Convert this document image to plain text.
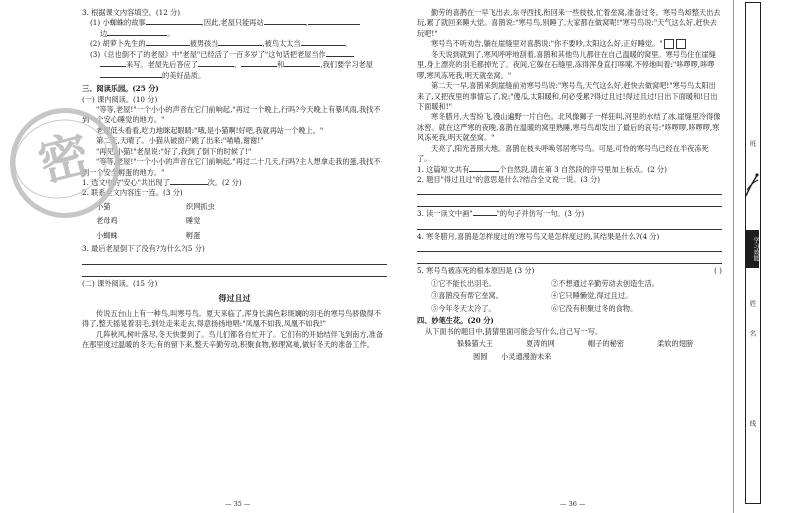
3. 根据课文内容填空。(12 分)
(1) 小蜘蛛的故事	,因此,老屋只能再站	,
边	。
(2) 胡萝卜先生的	被男孩当	,被鸟太太当	。
(3)《总也倒不了的老屋》中"老屋"已经活了一百多岁了"这句话把老屋当作
来写。老屋先后答应了	、	和	,我们要学习老屋
的美好品质。
三、阅读乐园。(25 分)
(一) 课内阅读。(10 分)
"等等,老屋!"一个小小的声音在它门前响起,"再过一个晚上,行吗?今天晚上有暴风雨,我找不到一个安心睡觉的地方。"
老屋低头看看,吃力地眯起眼睛:"哦,是小猫啊!好吧,我就再站一个晚上。"
第二天,天晴了。小猫从破窗户跳了出来:"喵喵,谢谢!"
"再见,小猫!"老屋说:"好了,我到了倒下的时候了!"
"等等,老屋!"一个小小的声音在它门前响起,"再过二十几天,行吗?主人想拿走我的蛋,我找不到一个安全孵蛋的地方。"
1. 选文中的"安心"共出现了	次。(2 分)
2. 联系全文内容连一连。(3 分)
小猫	织网抓虫
老母鸡	睡觉
小蜘蛛	孵蛋
3. 最后老屋倒下了没有?为什么?(5 分)
(二) 课外阅读。(15 分)
得过且过
传说五台山上有一种鸟,叫寒号鸟。夏天来临了,浑身长满色彩斑斓的羽毛的寒号鸟骄傲得不得了,整天摇晃着羽毛,到处走来走去,得意扬扬地唱:"凤凰不如我,凤凰不如我!"
几阵秋风,树叶落尽,冬天快要到了。鸟儿们都各自忙开了。它们有的开始结伴飞到南方,准备在那里度过温暖的冬天;有的留下来,整天辛勤劳动,积聚食物,修理窝巢,做好冬天的准备工作。
— 35 —
密
勤劳的喜鹊在一早飞出去,东寻西找,衔回来一些枝枝,忙着垒窝,准备过冬。寒号鸟却整天出去玩,累了就回来睡大觉。喜鹊说:"寒号鸟,别睡了,大家都在做窝呢!"寒号鸟说:"天气这么好,赶快去玩吧!"
寒号鸟不听劝告,躺在崖缝里对喜鹊说:"你不要吵,太阳这么好,正好睡觉。"
冬天说到就到了,寒风呼呼地刮着,喜鹊和其他鸟儿都住在自己温暖的窝里。寒号鸟住在崖缝里,身上漂亮的羽毛都掉光了。夜间,它躲在石缝里,冻得浑身直打哆嗦,不停地叫着:"哆啰啰,哆啰啰,寒风冻死我,明天就垒窝。"
第二天一早,喜鹊来到崖缝前劝寒号鸟说:"寒号鸟,天气这么好,赶快去做窝吧!"寒号鸟太阳出来了,又把夜里的事情忘了,说:"傻瓜,太阳暖和,何必受累?得过且过!得过且过!日出下面暖和!日出下面暖和!"
寒冬腊月,大雪纷飞,漫山遍野一片白色。北风像狮子一样狂叫,河里的水结了冰,崖缝里冷得像冰窖。就在这严寒的夜晚,喜鹊在温暖的窝里熟睡,寒号鸟却发出了最后的哀号:"哆啰啰,哆啰啰,寒风冻死我,明天就垒窝。"
天亮了,阳光普照大地。喜鹊在枝头呼唤邻居寒号鸟。可是,可怜的寒号鸟已经在半夜冻死了。
1. 这篇短文共有	个自然段,请在第 3 自然段的序号里加上标点。(2 分)
2. 题目"得过且过"的意思是什么?结合全文说一说。(3 分)
3. 读一读文中画"	"的句子并仿写一句。(3 分)
4. 寒冬腊月,喜鹊是怎样度过的?寒号鸟又是怎样度过的,其结果是什么?(4 分)
5. 寒号鸟被冻死的根本原因是 (3 分)	( )
①它不能长出羽毛。	②不想通过辛勤劳动去创造生活。
③喜鹊没有帮它垒窝。	④它只睡懒觉,得过且过。
⑤今年冬天太冷了。	⑥它没有积聚过冬的食物。
四、妙笔生花。(20 分)
从下面书的题目中,猜猜里面可能会写什么,自己写一写。
躲躲猫大王	夏涛的网	帽子的秘密	柔软的翅膀
圆圆 小灵通漫游未来
— 36 —
学习效能
班
姓
名
线
